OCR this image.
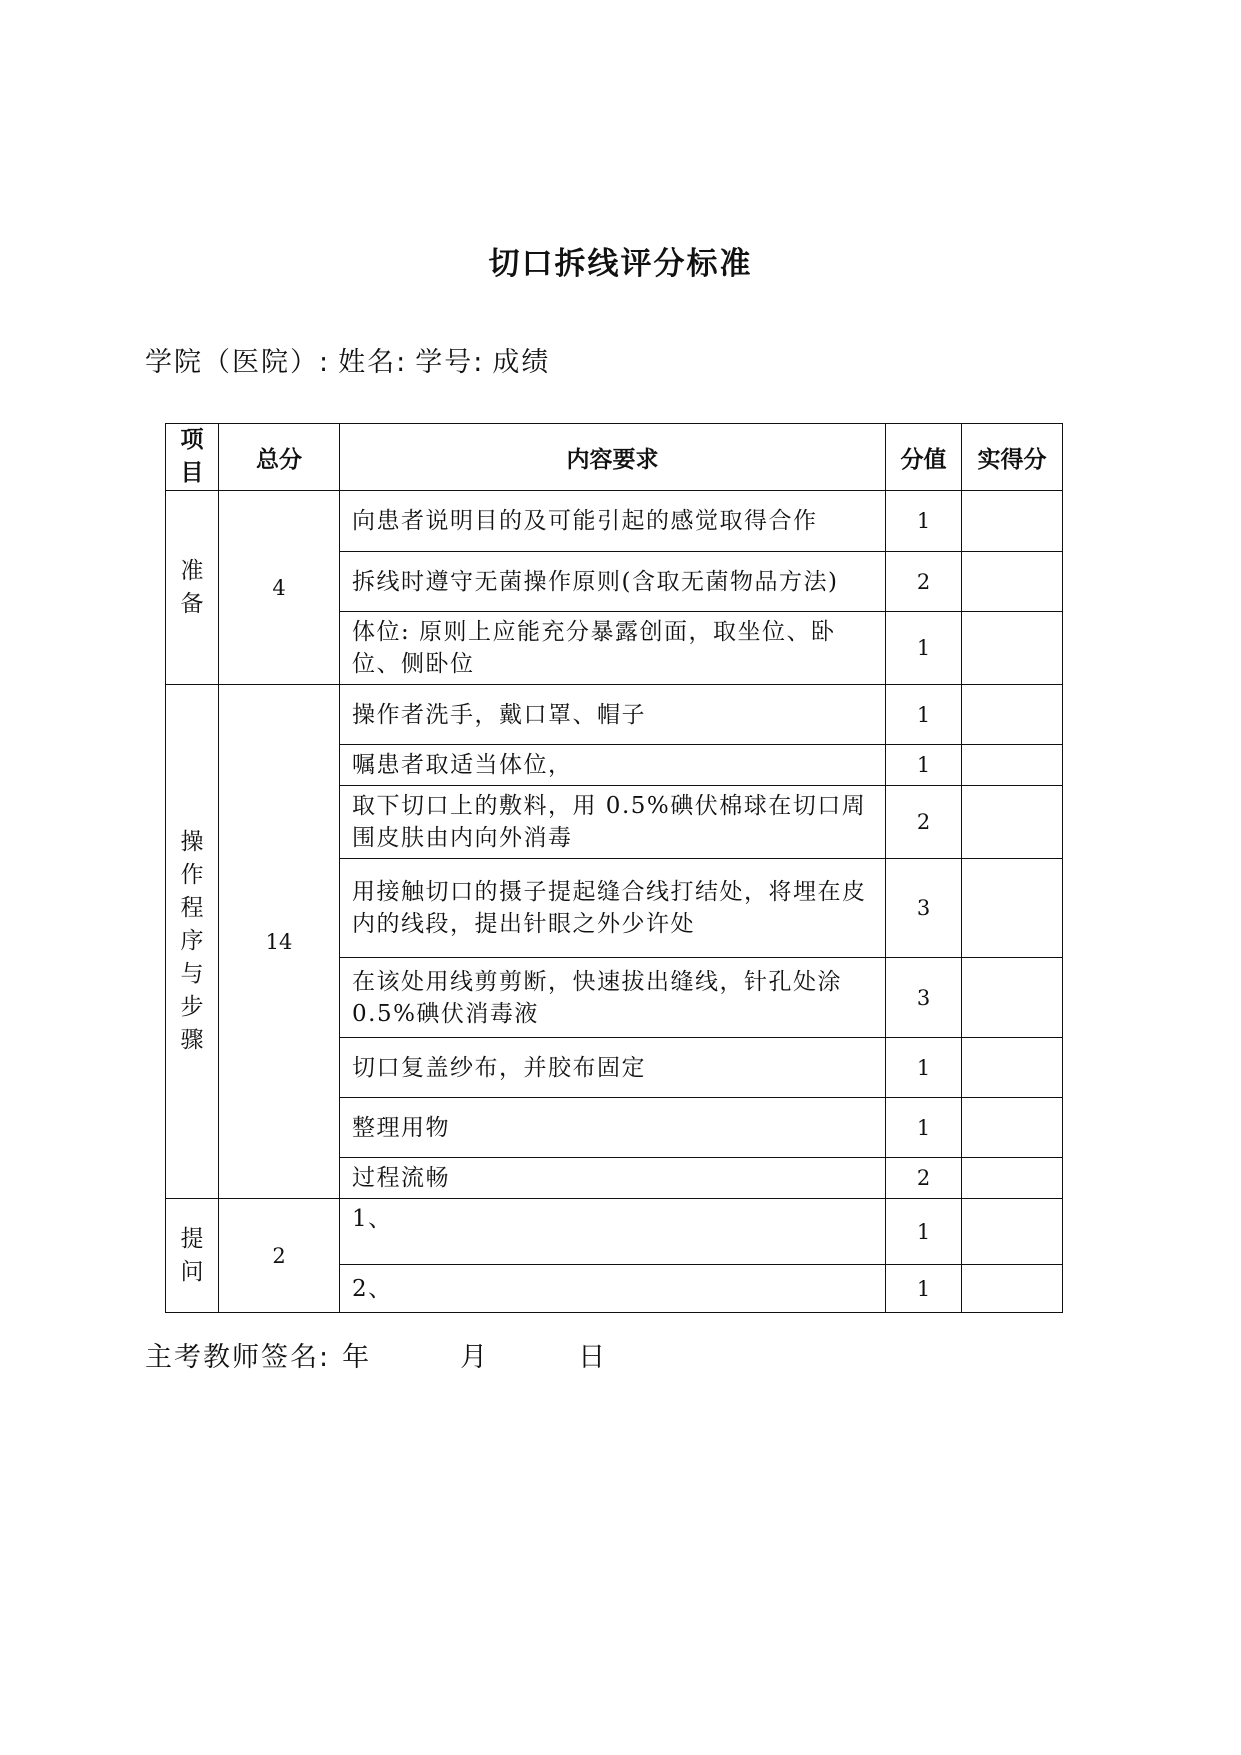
切口拆线评分标准
学院（医院）: 姓名: 学号: 成绩
项目	总分	内容要求	分值	实得分
准备	4	向患者说明目的及可能引起的感觉取得合作	1	
		拆线时遵守无菌操作原则(含取无菌物品方法)	2	
		体位: 原则上应能充分暴露创面，取坐位、卧位、侧卧位	1	
操作程序与步骤	14	操作者洗手，戴口罩、帽子	1	
		嘱患者取适当体位，	1	
		取下切口上的敷料，用 0.5%碘伏棉球在切口周围皮肤由内向外消毒	2	
		用接触切口的摄子提起缝合线打结处，将埋在皮内的线段，提出针眼之外少许处	3	
		在该处用线剪剪断，快速拔出缝线，针孔处涂 0.5%碘伏消毒液	3	
		切口复盖纱布，并胶布固定	1	
		整理用物	1	
		过程流畅	2	
提问	2	1、	1	
		2、	1	
主考教师签名: 年	月	日
